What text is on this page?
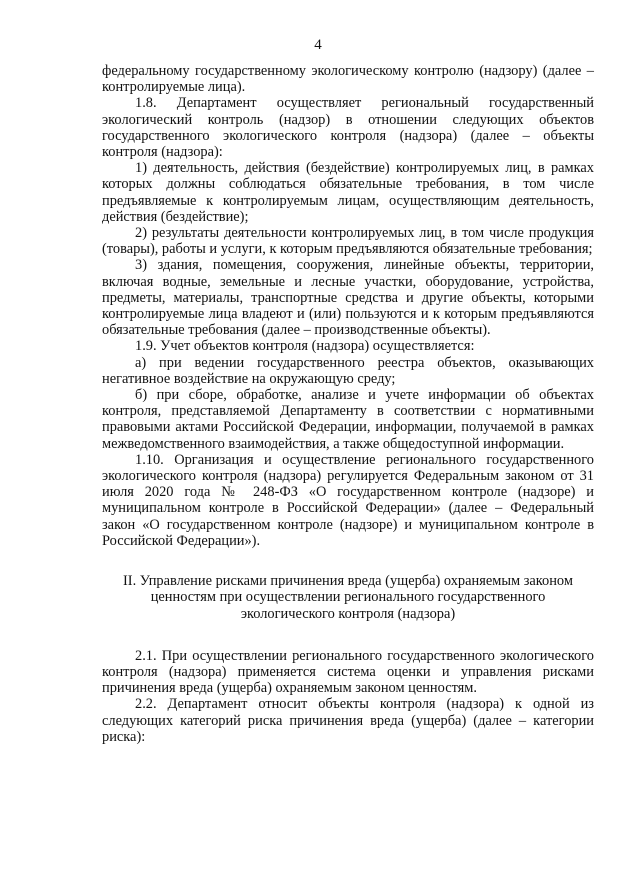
4

федеральному государственному экологическому контролю (надзору) (далее – контролируемые лица).

1.8. Департамент осуществляет региональный государственный экологический контроль (надзор) в отношении следующих объектов государственного экологического контроля (надзора) (далее – объекты контроля (надзора):

1) деятельность, действия (бездействие) контролируемых лиц, в рамках которых должны соблюдаться обязательные требования, в том числе предъявляемые к контролируемым лицам, осуществляющим деятельность, действия (бездействие);

2) результаты деятельности контролируемых лиц, в том числе продукция (товары), работы и услуги, к которым предъявляются обязательные требования;

3) здания, помещения, сооружения, линейные объекты, территории, включая водные, земельные и лесные участки, оборудование, устройства, предметы, материалы, транспортные средства и другие объекты, которыми контролируемые лица владеют и (или) пользуются и к которым предъявляются обязательные требования (далее – производственные объекты).

1.9. Учет объектов контроля (надзора) осуществляется:

а) при ведении государственного реестра объектов, оказывающих негативное воздействие на окружающую среду;

б) при сборе, обработке, анализе и учете информации об объектах контроля, представляемой Департаменту в соответствии с нормативными правовыми актами Российской Федерации, информации, получаемой в рамках межведомственного взаимодействия, а также общедоступной информации.

1.10. Организация и осуществление регионального государственного экологического контроля (надзора) регулируется Федеральным законом от 31 июля 2020 года № 248-ФЗ «О государственном контроле (надзоре) и муниципальном контроле в Российской Федерации» (далее – Федеральный закон «О государственном контроле (надзоре) и муниципальном контроле в Российской Федерации»).

II. Управление рисками причинения вреда (ущерба) охраняемым законом ценностям при осуществлении регионального государственного экологического контроля (надзора)

2.1. При осуществлении регионального государственного экологического контроля (надзора) применяется система оценки и управления рисками причинения вреда (ущерба) охраняемым законом ценностям.

2.2. Департамент относит объекты контроля (надзора) к одной из следующих категорий риска причинения вреда (ущерба) (далее – категории риска):
